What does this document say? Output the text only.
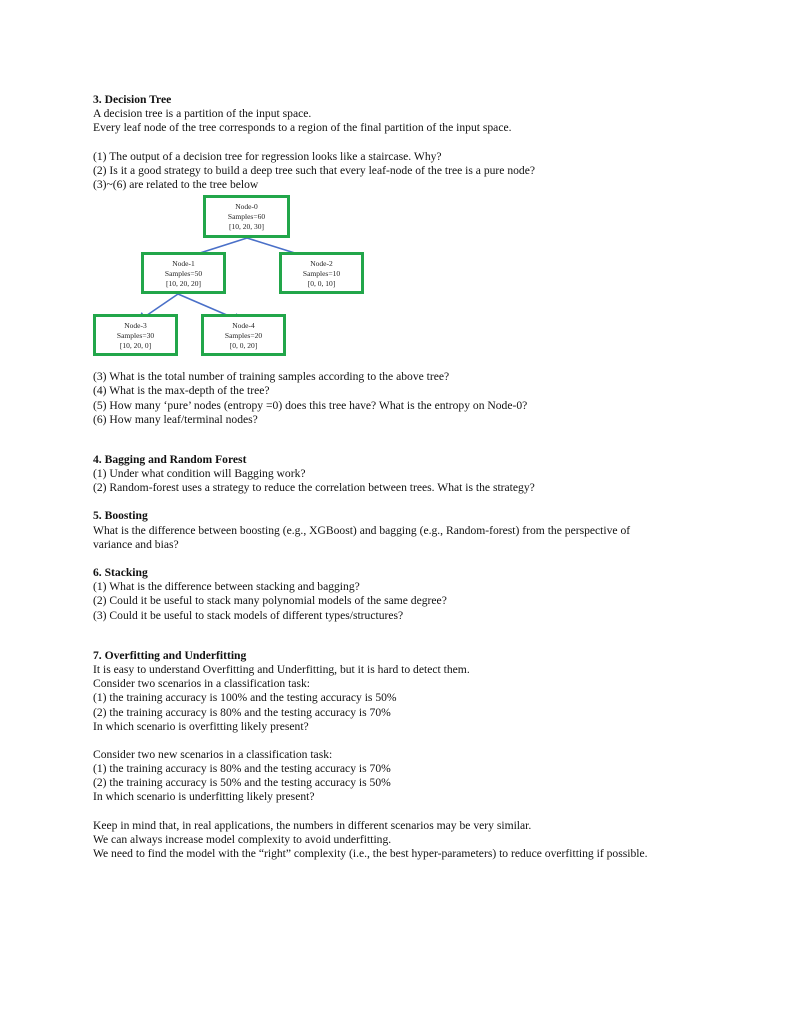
3. Decision Tree
A decision tree is a partition of the input space.
Every leaf node of the tree corresponds to a region of the final partition of the input space.
(1) The output of a decision tree for regression looks like a staircase. Why?
(2) Is it a good strategy to build a deep tree such that every leaf-node of the tree is a pure node?
(3)~(6) are related to the tree below
Node-0
Samples=60
[10, 20, 30]
Node-1
Samples=50
[10, 20, 20]
Node-2
Samples=10
[0, 0, 10]
Node-3
Samples=30
[10, 20, 0]
Node-4
Samples=20
[0, 0, 20]
(3) What is the total number of training samples according to the above tree?
(4) What is the max-depth of the tree?
(5) How many ‘pure’ nodes (entropy =0) does this tree have? What is the entropy on Node-0?
(6) How many leaf/terminal nodes?
4. Bagging and Random Forest
(1) Under what condition will Bagging work?
(2) Random-forest uses a strategy to reduce the correlation between trees. What is the strategy?
5. Boosting
What is the difference between boosting (e.g., XGBoost) and bagging (e.g., Random-forest) from the perspective of
variance and bias?
6. Stacking
(1) What is the difference between stacking and bagging?
(2) Could it be useful to stack many polynomial models of the same degree?
(3) Could it be useful to stack models of different types/structures?
7. Overfitting and Underfitting
It is easy to understand Overfitting and Underfitting, but it is hard to detect them.
Consider two scenarios in a classification task:
(1) the training accuracy is 100% and the testing accuracy is 50%
(2) the training accuracy is 80% and the testing accuracy is 70%
In which scenario is overfitting likely present?
Consider two new scenarios in a classification task:
(1) the training accuracy is 80% and the testing accuracy is 70%
(2) the training accuracy is 50% and the testing accuracy is 50%
In which scenario is underfitting likely present?
Keep in mind that, in real applications, the numbers in different scenarios may be very similar.
We can always increase model complexity to avoid underfitting.
We need to find the model with the “right” complexity (i.e., the best hyper-parameters) to reduce overfitting if possible.
